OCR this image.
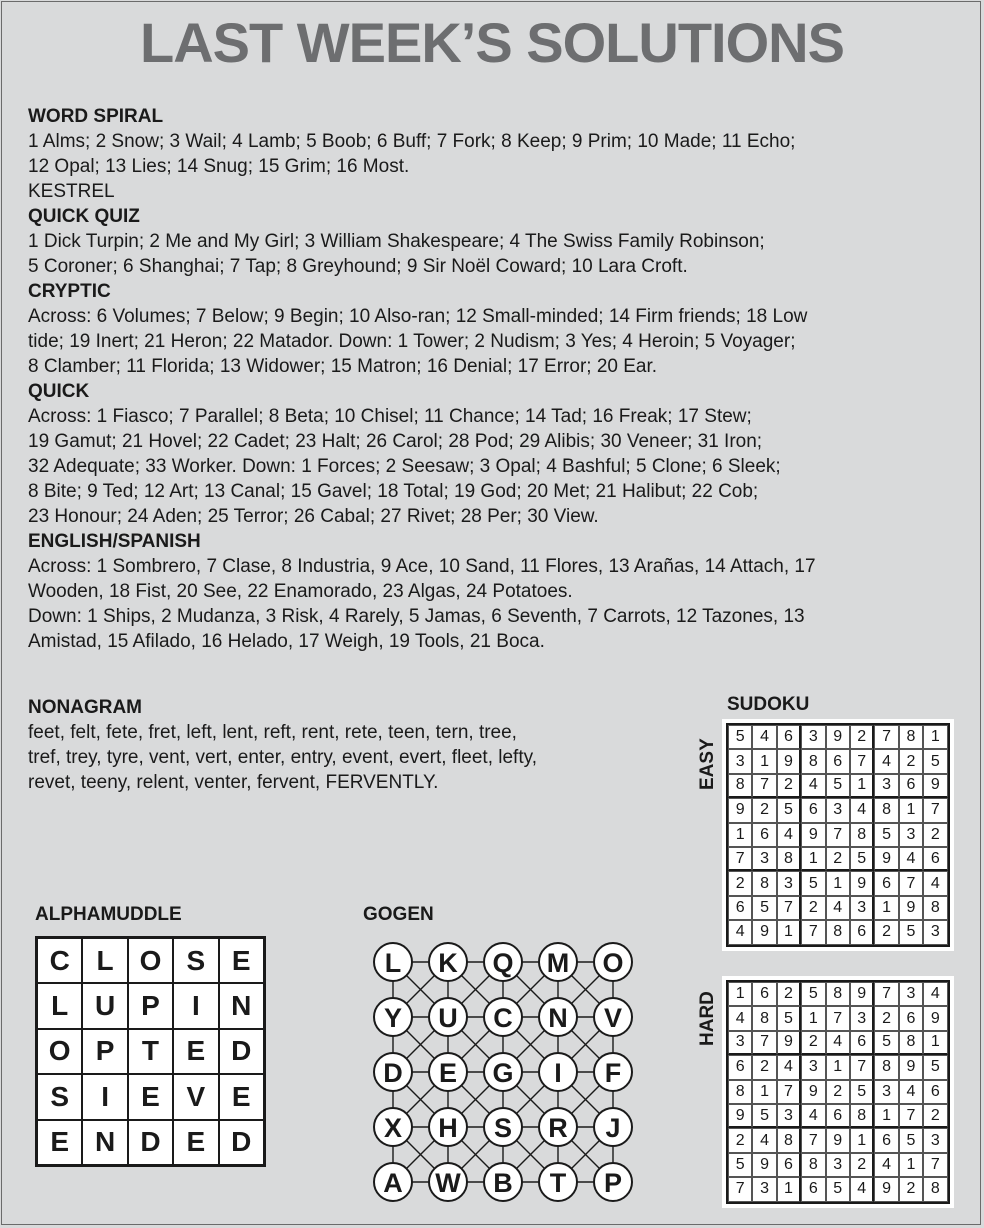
LAST WEEK’S SOLUTIONS
WORD SPIRAL
1 Alms; 2 Snow; 3 Wail; 4 Lamb; 5 Boob; 6 Buff; 7 Fork; 8 Keep; 9 Prim; 10 Made; 11 Echo;
12 Opal; 13 Lies; 14 Snug; 15 Grim; 16 Most.
KESTREL
QUICK QUIZ
1 Dick Turpin; 2 Me and My Girl; 3 William Shakespeare; 4 The Swiss Family Robinson;
5 Coroner; 6 Shanghai; 7 Tap; 8 Greyhound; 9 Sir Noël Coward; 10 Lara Croft.
CRYPTIC
Across: 6 Volumes; 7 Below; 9 Begin; 10 Also-ran; 12 Small-minded; 14 Firm friends; 18 Low
tide; 19 Inert; 21 Heron; 22 Matador. Down: 1 Tower; 2 Nudism; 3 Yes; 4 Heroin; 5 Voyager;
8 Clamber; 11 Florida; 13 Widower; 15 Matron; 16 Denial; 17 Error; 20 Ear.
QUICK
Across: 1 Fiasco; 7 Parallel; 8 Beta; 10 Chisel; 11 Chance; 14 Tad; 16 Freak; 17 Stew;
19 Gamut; 21 Hovel; 22 Cadet; 23 Halt; 26 Carol; 28 Pod; 29 Alibis; 30 Veneer; 31 Iron;
32 Adequate; 33 Worker. Down: 1 Forces; 2 Seesaw; 3 Opal; 4 Bashful; 5 Clone; 6 Sleek;
8 Bite; 9 Ted; 12 Art; 13 Canal; 15 Gavel; 18 Total; 19 God; 20 Met; 21 Halibut; 22 Cob;
23 Honour; 24 Aden; 25 Terror; 26 Cabal; 27 Rivet; 28 Per; 30 View.
ENGLISH/SPANISH
Across: 1 Sombrero, 7 Clase, 8 Industria, 9 Ace, 10 Sand, 11 Flores, 13 Arañas, 14 Attach, 17
Wooden, 18 Fist, 20 See, 22 Enamorado, 23 Algas, 24 Potatoes.
Down: 1 Ships, 2 Mudanza, 3 Risk, 4 Rarely, 5 Jamas, 6 Seventh, 7 Carrots, 12 Tazones, 13
Amistad, 15 Afilado, 16 Helado, 17 Weigh, 19 Tools, 21 Boca.
NONAGRAM
feet, felt, fete, fret, left, lent, reft, rent, rete, teen, tern, tree,
tref, trey, tyre, vent, vert, enter, entry, event, evert, fleet, lefty,
revet, teeny, relent, venter, fervent, FERVENTLY.
ALPHAMUDDLE
C L O S E
L U P	I	N
O P T E D
S	I	E V E
E N D E D
GOGEN
L K Q M O
Y U C N V
D E G I F
X H S R J
A W B T P
SUDOKU
EASY
5 4 6 3 9 2 7 8 1
3 1 9 8 6 7 4 2 5
8 7 2 4 5 1 3 6 9
9 2 5 6 3 4 8 1 7
1 6 4 9 7 8 5 3 2
7 3 8 1 2 5 9 4 6
2 8 3 5 1 9 6 7 4
6 5 7 2 4 3 1 9 8
4 9 1 7 8 6 2 5 3
HARD	1 6 2 5 8 9 7 3 4
4 8 5 1 7 3 2 6 9
3 7 9 2 4 6 5 8 1
6 2 4 3 1 7 8 9 5
8 1 7 9 2 5 3 4 6
9 5 3 4 6 8 1 7 2
2 4 8 7 9 1 6 5 3
5 9 6 8 3 2 4 1 7
7 3 1 6 5 4 9 2 8
